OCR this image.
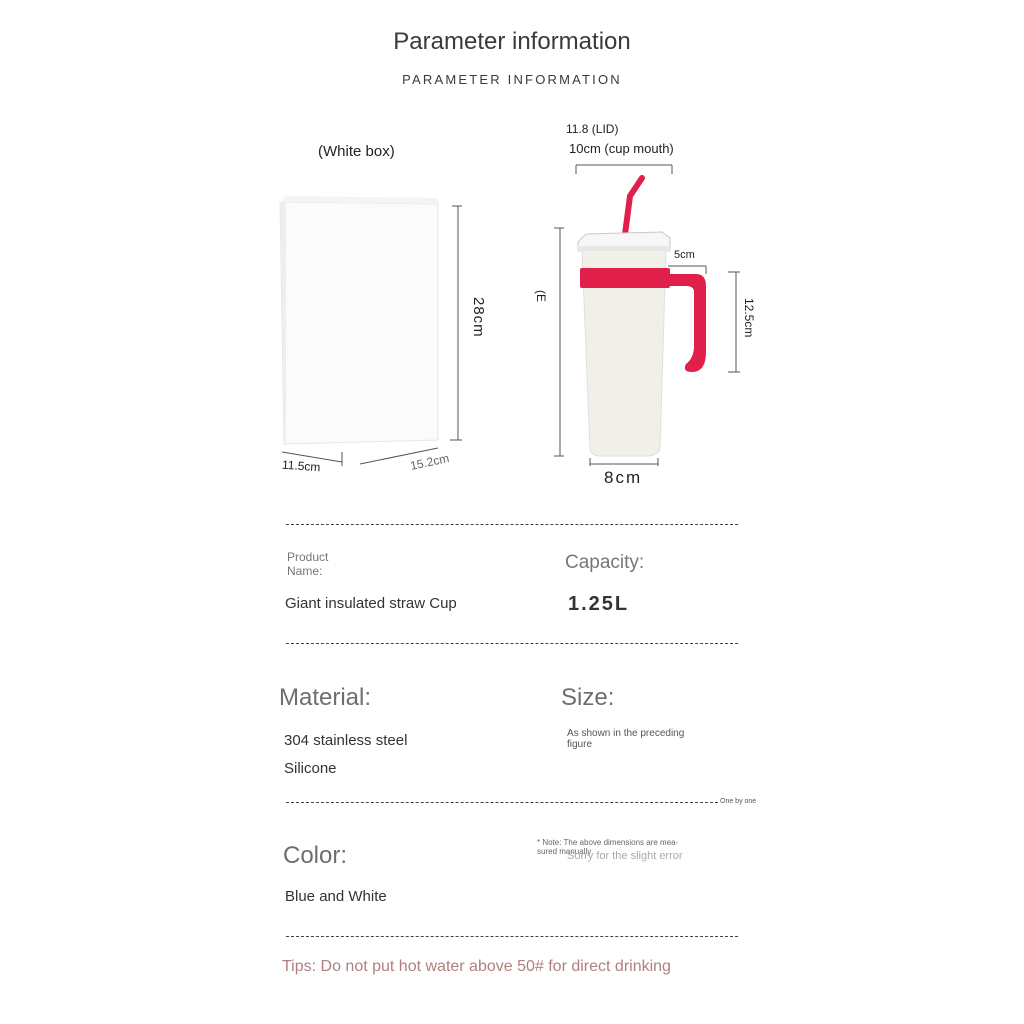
Parameter information
PARAMETER INFORMATION
(White box)
28cm
11.5cm	15.2cm
11.8 (LID)
10cm (cup mouth)
(E
5cm
12.5cm
8cm
Product
Name:
Giant insulated straw Cup
Capacity:
1.25L
Material:
304 stainless steel
Silicone
Size:
As shown in the preceding figure
One by one
Color:
Blue and White
* Note: The above dimensions are mea-
sured manually
Sorry for the slight error
Tips: Do not put hot water above 50# for direct drinking
